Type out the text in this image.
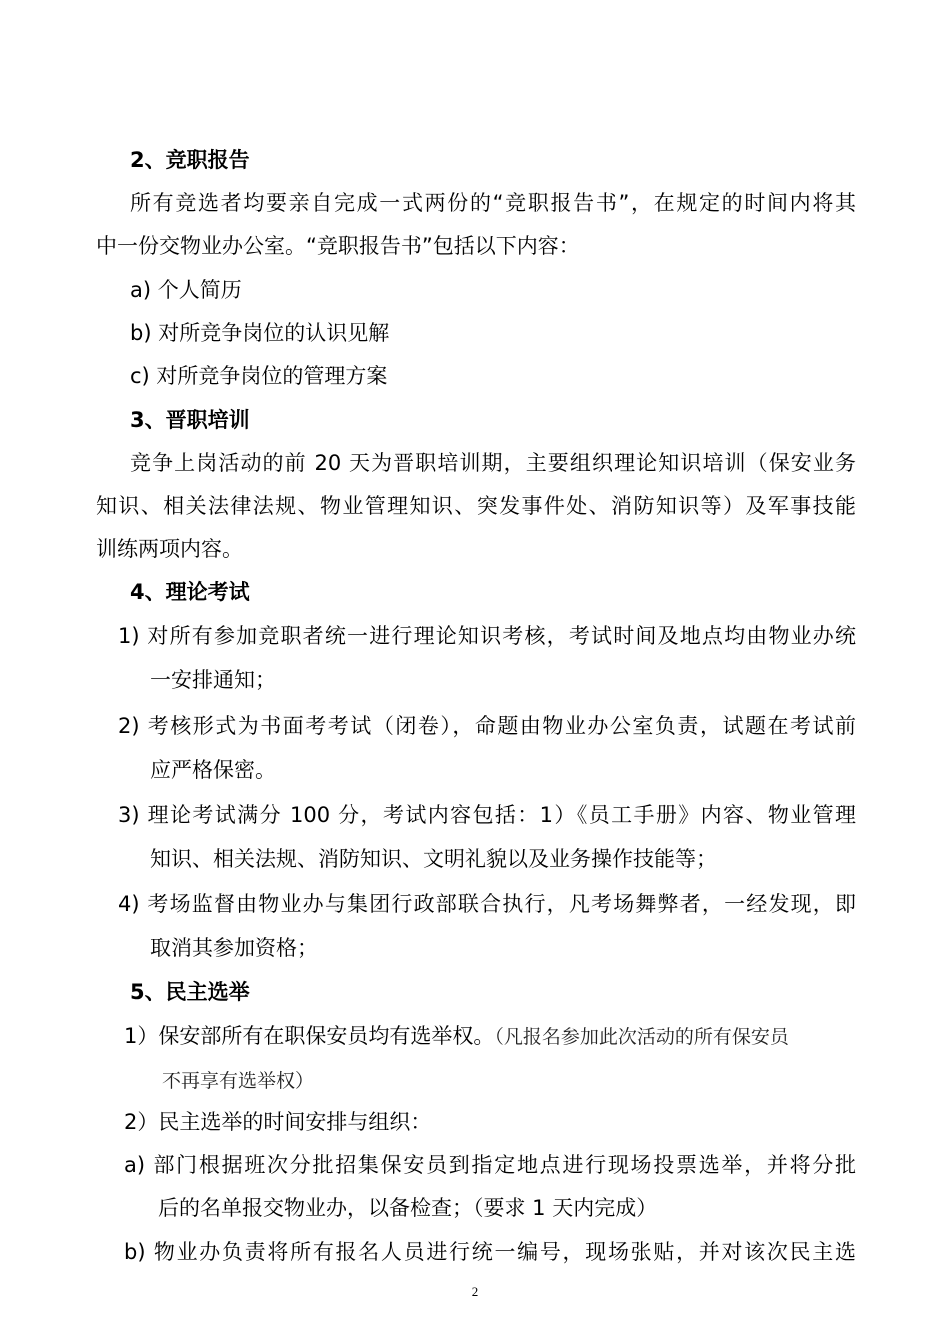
2、竞职报告
所有竞选者均要亲自完成一式两份的“竞职报告书”，在规定的时间内将其
中一份交物业办公室。“竞职报告书”包括以下内容：
a) 个人简历
b) 对所竞争岗位的认识见解
c) 对所竞争岗位的管理方案
3、晋职培训
竞争上岗活动的前 20 天为晋职培训期，主要组织理论知识培训（保安业务
知识、相关法律法规、物业管理知识、突发事件处、消防知识等）及军事技能
训练两项内容。
4、理论考试
1) 对所有参加竞职者统一进行理论知识考核，考试时间及地点均由物业办统
一安排通知；
2) 考核形式为书面考考试（闭卷），命题由物业办公室负责，试题在考试前
应严格保密。
3) 理论考试满分 100 分，考试内容包括：1）《员工手册》内容、物业管理
知识、相关法规、消防知识、文明礼貌以及业务操作技能等；
4) 考场监督由物业办与集团行政部联合执行，凡考场舞弊者，一经发现，即
取消其参加资格；
5、民主选举
1）保安部所有在职保安员均有选举权。（凡报名参加此次活动的所有保安员
不再享有选举权）
2）民主选举的时间安排与组织：
a) 部门根据班次分批招集保安员到指定地点进行现场投票选举，并将分批
后的名单报交物业办，以备检查；（要求 1 天内完成）
b) 物业办负责将所有报名人员进行统一编号，现场张贴，并对该次民主选
2
